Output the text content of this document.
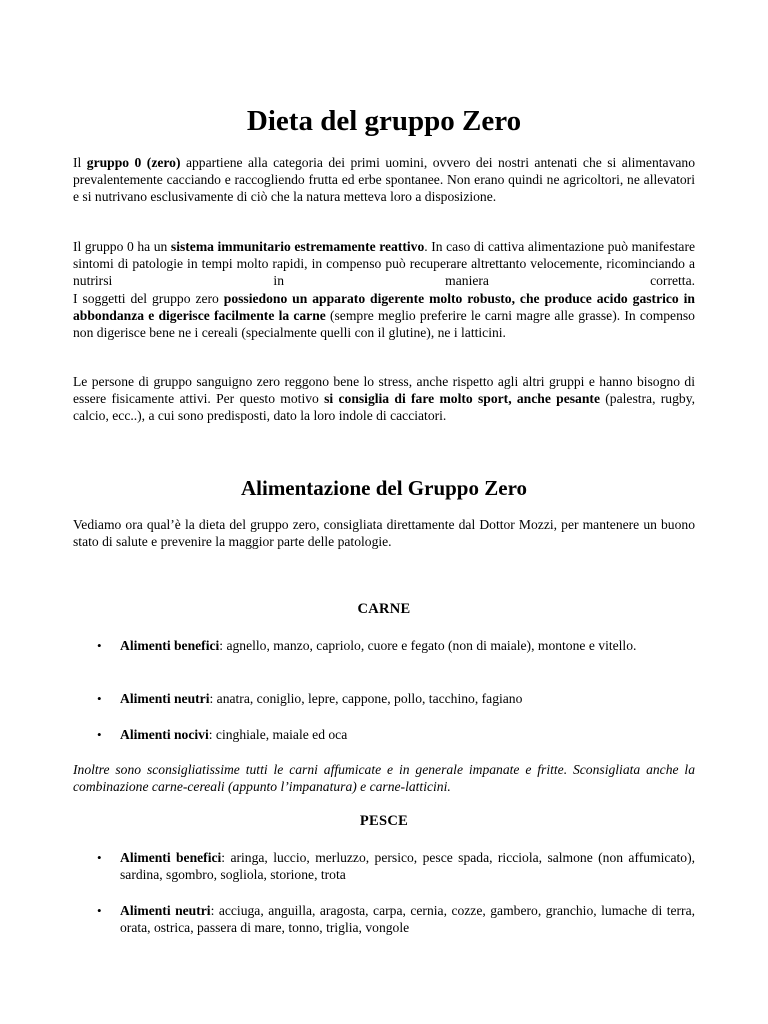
Dieta del gruppo Zero

Il gruppo 0 (zero) appartiene alla categoria dei primi uomini, ovvero dei nostri antenati che si alimentavano prevalentemente cacciando e raccogliendo frutta ed erbe spontanee. Non erano quindi ne agricoltori, ne allevatori e si nutrivano esclusivamente di ciò che la natura metteva loro a disposizione.

Il gruppo 0 ha un sistema immunitario estremamente reattivo. In caso di cattiva alimentazione può manifestare sintomi di patologie in tempi molto rapidi, in compenso può recuperare altrettanto velocemente, ricominciando a nutrirsi in maniera corretta.

I soggetti del gruppo zero possiedono un apparato digerente molto robusto, che produce acido gastrico in abbondanza e digerisce facilmente la carne (sempre meglio preferire le carni magre alle grasse). In compenso non digerisce bene ne i cereali (specialmente quelli con il glutine), ne i latticini.

Le persone di gruppo sanguigno zero reggono bene lo stress, anche rispetto agli altri gruppi e hanno bisogno di essere fisicamente attivi. Per questo motivo si consiglia di fare molto sport, anche pesante (palestra, rugby, calcio, ecc..), a cui sono predisposti, dato la loro indole di cacciatori.

Alimentazione del Gruppo Zero

Vediamo ora qual’è la dieta del gruppo zero, consigliata direttamente dal Dottor Mozzi, per mantenere un buono stato di salute e prevenire la maggior parte delle patologie.

CARNE
• Alimenti benefici: agnello, manzo, capriolo, cuore e fegato (non di maiale), montone e vitello.
• Alimenti neutri: anatra, coniglio, lepre, cappone, pollo, tacchino, fagiano
• Alimenti nocivi: cinghiale, maiale ed oca

Inoltre sono sconsigliatissime tutti le carni affumicate e in generale impanate e fritte. Sconsigliata anche la combinazione carne-cereali (appunto l’impanatura) e carne-latticini.

PESCE
• Alimenti benefici: aringa, luccio, merluzzo, persico, pesce spada, ricciola, salmone (non affumicato), sardina, sgombro, sogliola, storione, trota
• Alimenti neutri: acciuga, anguilla, aragosta, carpa, cernia, cozze, gambero, granchio, lumache di terra, orata, ostrica, passera di mare, tonno, triglia, vongole
